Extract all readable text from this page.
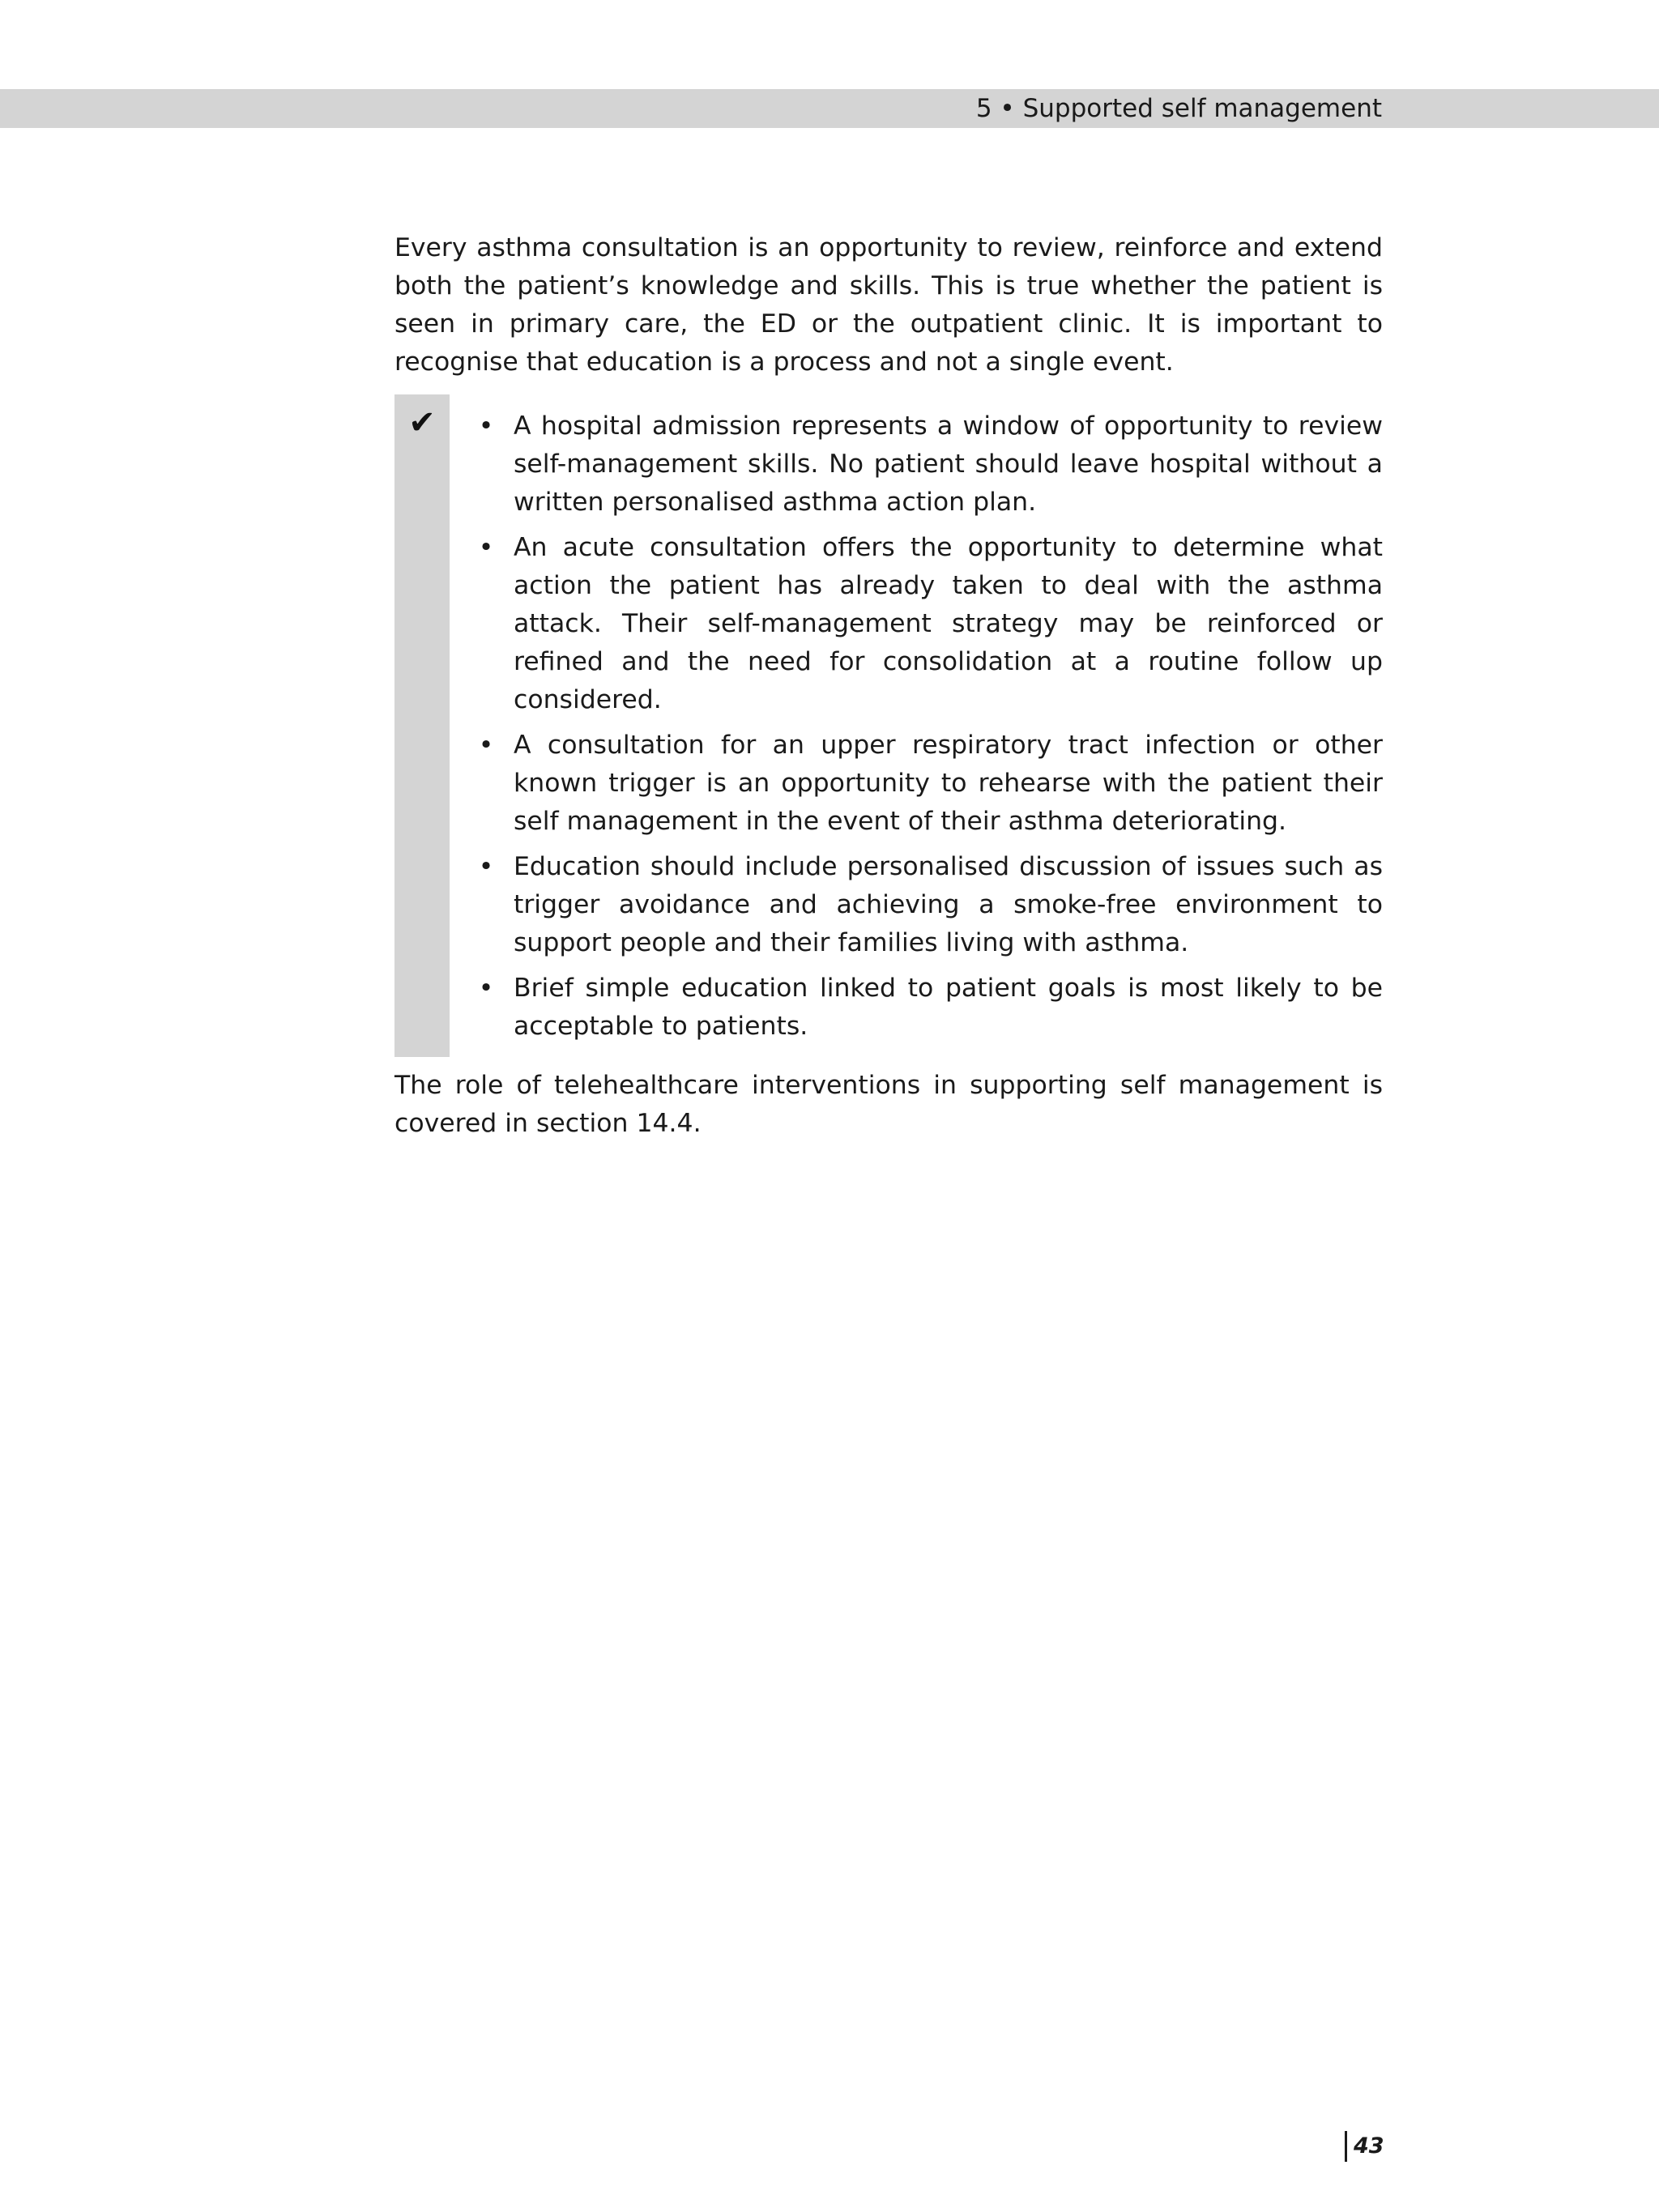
5 • Supported self management

Every asthma consultation is an opportunity to review, reinforce and extend both the patient’s knowledge and skills. This is true whether the patient is seen in primary care, the ED or the outpatient clinic. It is important to recognise that education is a process and not a single event.

✔ • A hospital admission represents a window of opportunity to review self-management skills. No patient should leave hospital without a written personalised asthma action plan.
• An acute consultation offers the opportunity to determine what action the patient has already taken to deal with the asthma attack. Their self-management strategy may be reinforced or refined and the need for consolidation at a routine follow up considered.
• A consultation for an upper respiratory tract infection or other known trigger is an opportunity to rehearse with the patient their self management in the event of their asthma deteriorating.
• Education should include personalised discussion of issues such as trigger avoidance and achieving a smoke-free environment to support people and their families living with asthma.
• Brief simple education linked to patient goals is most likely to be acceptable to patients.

The role of telehealthcare interventions in supporting self management is covered in section 14.4.

43
